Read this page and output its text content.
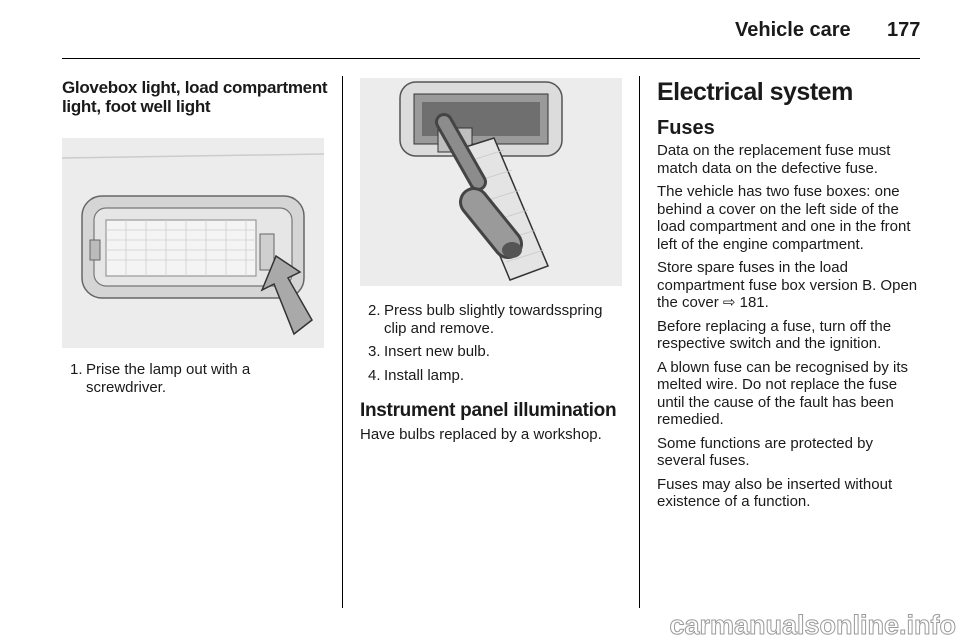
Vehicle care 177
Glovebox light, load compartment light, foot well light
1. Prise the lamp out with a screwdriver.
2. Press bulb slightly towardsspring clip and remove.
3. Insert new bulb.
4. Install lamp.
Instrument panel illumination

Have bulbs replaced by a workshop.

Electrical system
Fuses

Data on the replacement fuse must match data on the defective fuse.

The vehicle has two fuse boxes: one behind a cover on the left side of the load compartment and one in the front left of the engine compartment.

Store spare fuses in the load compartment fuse box version B. Open the cover ⇨ 181.

Before replacing a fuse, turn off the respective switch and the ignition.

A blown fuse can be recognised by its melted wire. Do not replace the fuse until the cause of the fault has been remedied.

Some functions are protected by several fuses.

Fuses may also be inserted without existence of a function.

carmanualsonline.info
